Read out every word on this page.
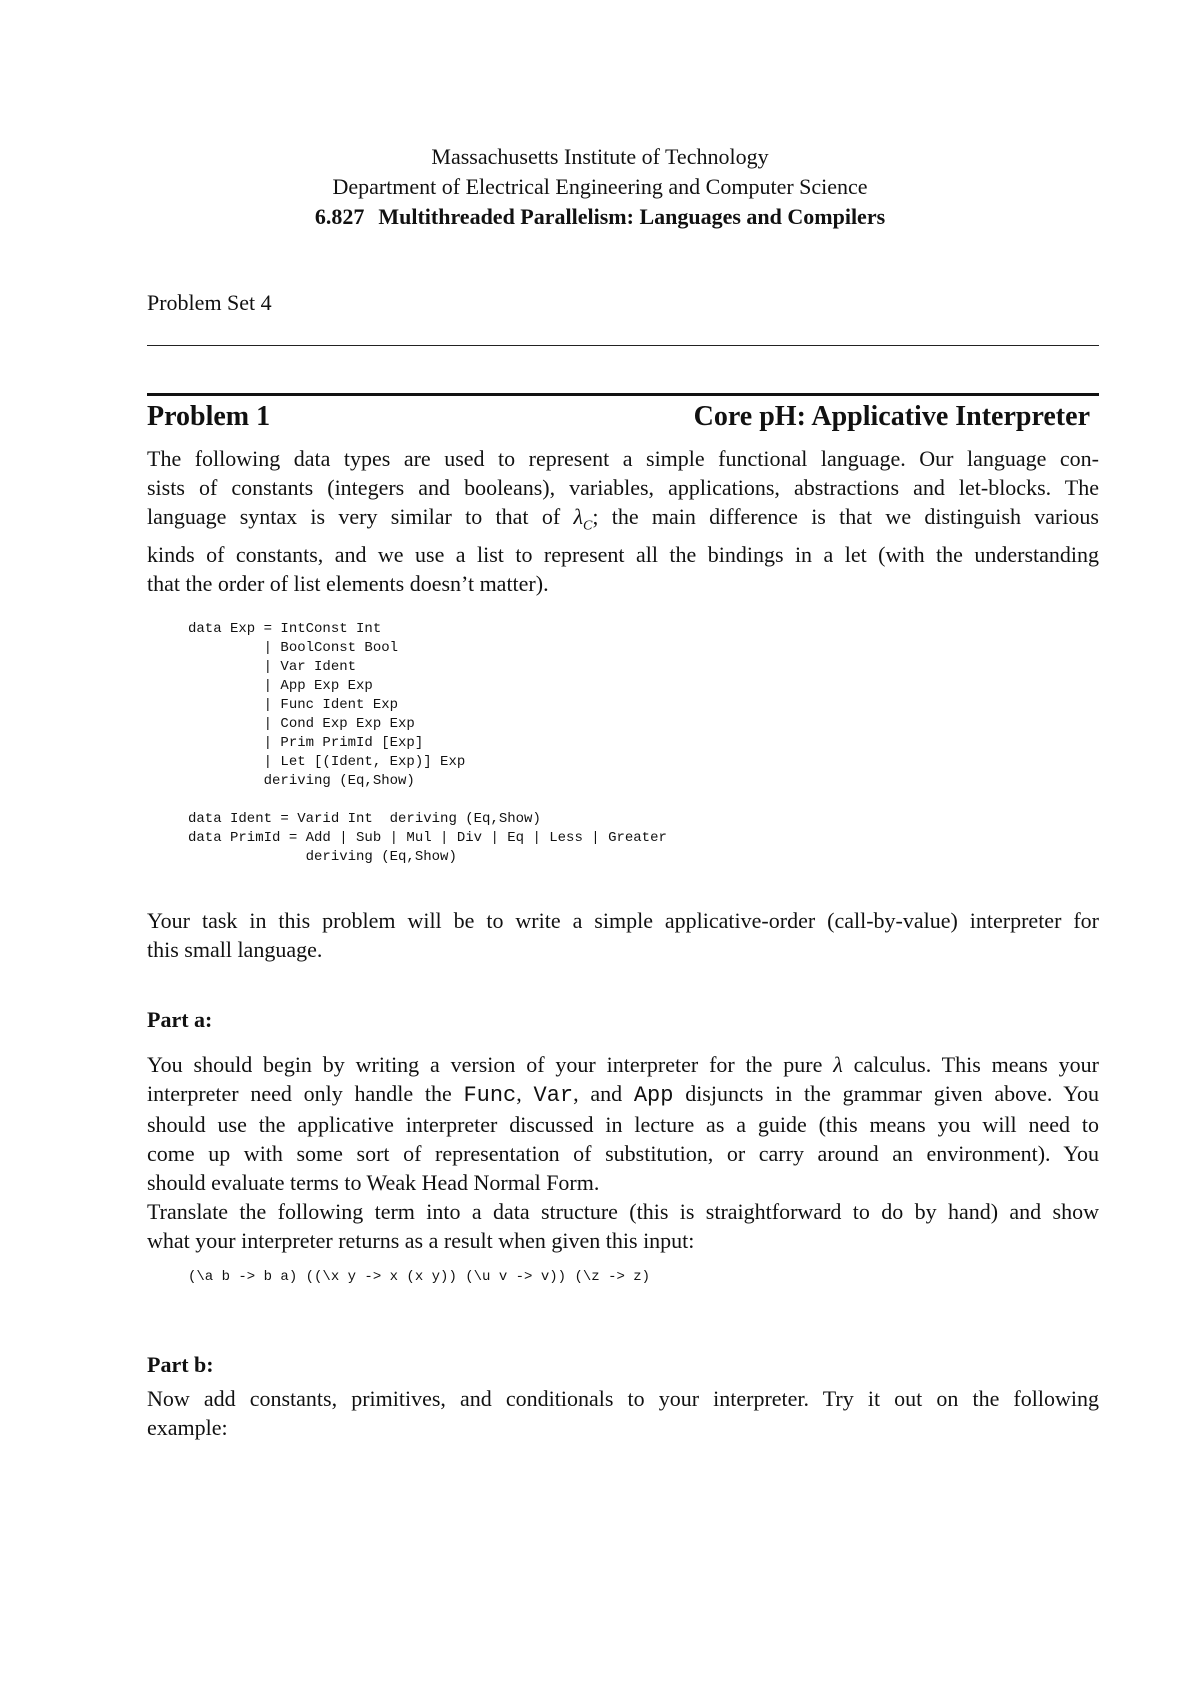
Massachusetts Institute of Technology
Department of Electrical Engineering and Computer Science
6.827 Multithreaded Parallelism: Languages and Compilers
Problem Set 4
Problem 1	Core pH: Applicative Interpreter
The following data types are used to represent a simple functional language. Our language con-
sists of constants (integers and booleans), variables, applications, abstractions and let-blocks. The
language syntax is very similar to that of $\lambda_C$; the main difference is that we distinguish various
kinds of constants, and we use a list to represent all the bindings in a let (with the understanding
that the order of list elements doesn’t matter).
data Exp = IntConst Int
| BoolConst Bool
| Var Ident
| App Exp Exp
| Func Ident Exp
| Cond Exp Exp Exp
| Prim PrimId [Exp]
| Let [(Ident, Exp)] Exp
deriving (Eq,Show)

data Ident = Varid Int  deriving (Eq,Show)
data PrimId = Add | Sub | Mul | Div | Eq | Less | Greater
deriving (Eq,Show)
Your task in this problem will be to write a simple applicative-order (call-by-value) interpreter for
this small language.
Part a:
You should begin by writing a version of your interpreter for the pure λ calculus. This means your
interpreter need only handle the Func, Var, and App disjuncts in the grammar given above. You
should use the applicative interpreter discussed in lecture as a guide (this means you will need to
come up with some sort of representation of substitution, or carry around an environment). You
should evaluate terms to Weak Head Normal Form.
Translate the following term into a data structure (this is straightforward to do by hand) and show
what your interpreter returns as a result when given this input:
(\a b -> b a) ((\x y -> x (x y)) (\u v -> v)) (\z -> z)
Part b:
Now add constants, primitives, and conditionals to your interpreter. Try it out on the following
example:
